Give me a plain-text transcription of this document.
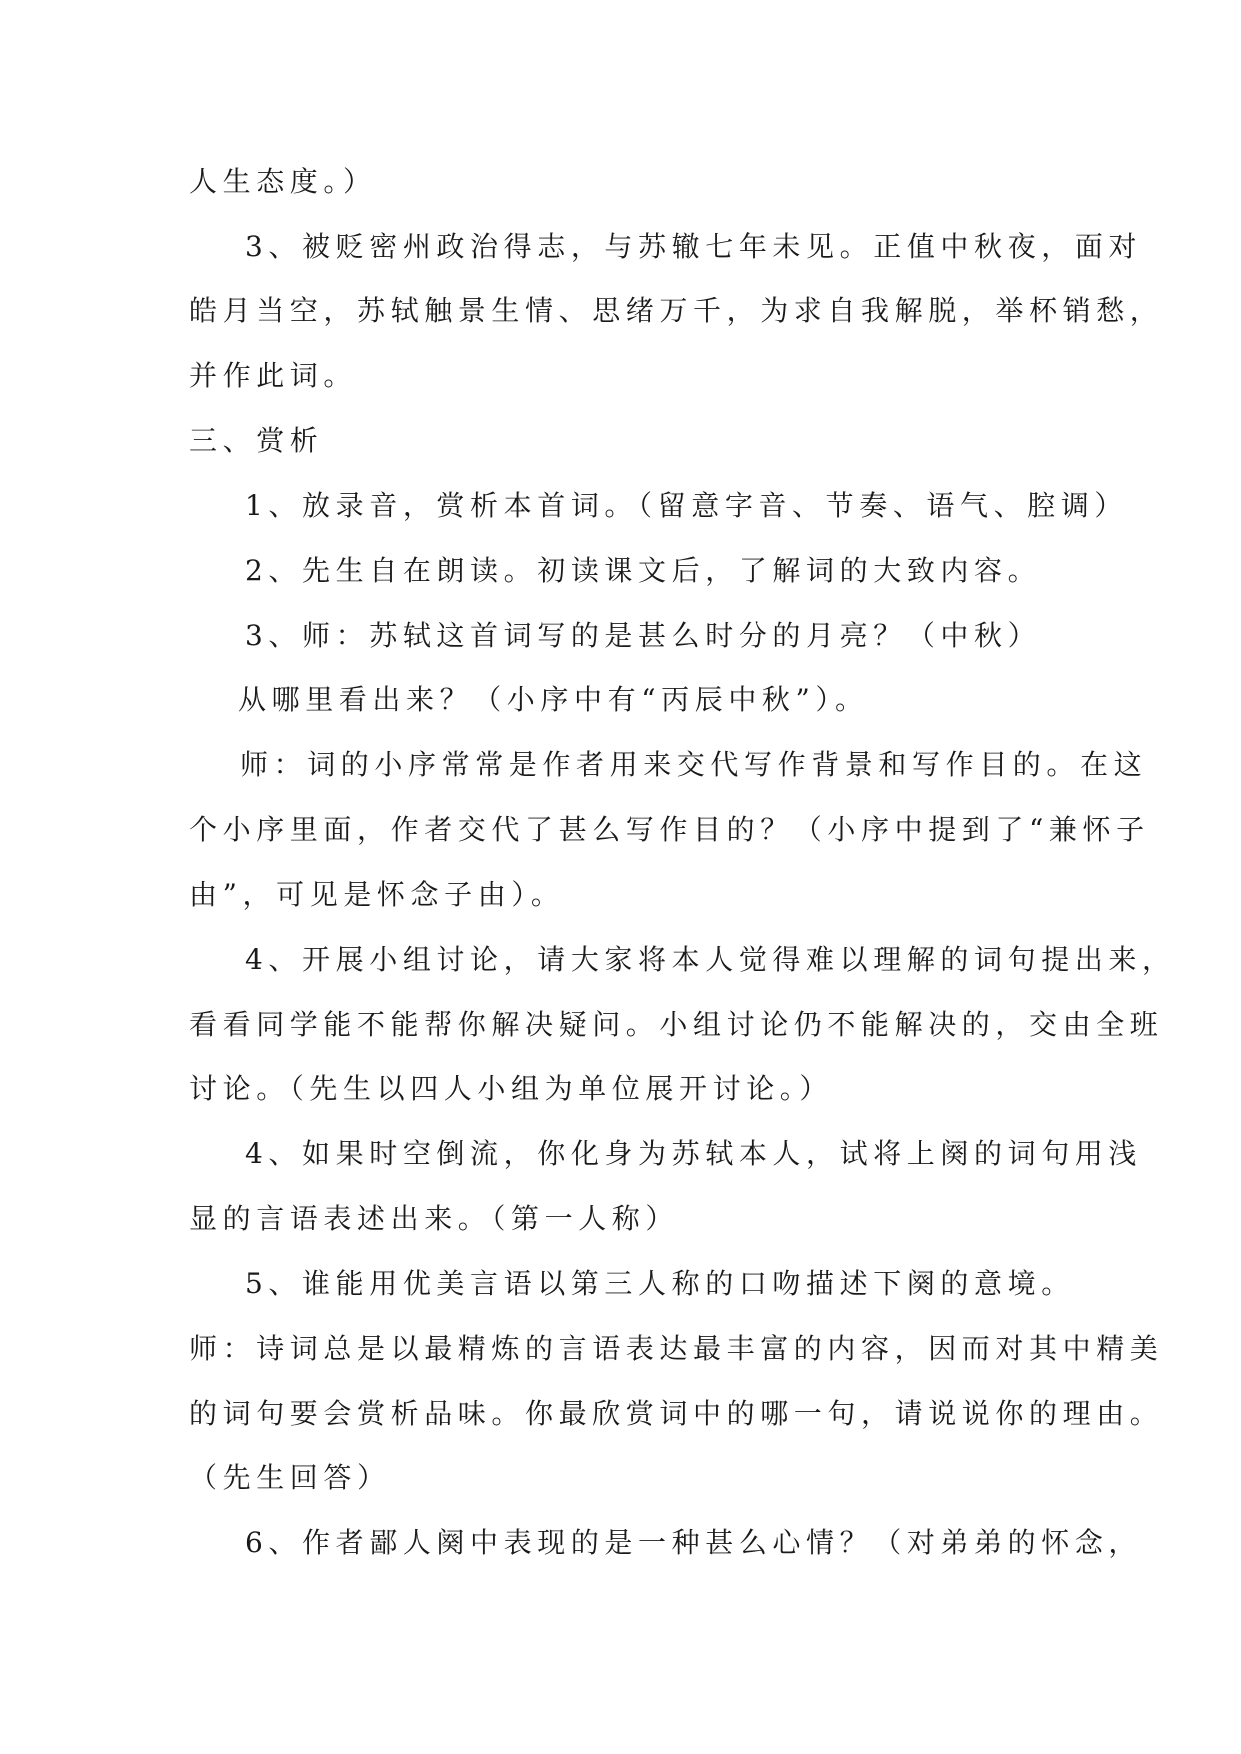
人生态度。）
3、被贬密州政治得志，与苏辙七年未见。正值中秋夜，面对
皓月当空，苏轼触景生情、思绪万千，为求自我解脱，举杯销愁，
并作此词。
三、赏析
1、放录音，赏析本首词。（留意字音、节奏、语气、腔调）
2、先生自在朗读。初读课文后，了解词的大致内容。
3、师：苏轼这首词写的是甚么时分的月亮？（中秋）
从哪里看出来？（小序中有“丙辰中秋”）。
师：词的小序常常是作者用来交代写作背景和写作目的。在这
个小序里面，作者交代了甚么写作目的？（小序中提到了“兼怀子
由”，可见是怀念子由）。
4、开展小组讨论，请大家将本人觉得难以理解的词句提出来，
看看同学能不能帮你解决疑问。小组讨论仍不能解决的，交由全班
讨论。（先生以四人小组为单位展开讨论。）
4、如果时空倒流，你化身为苏轼本人，试将上阕的词句用浅
显的言语表述出来。（第一人称）
5、谁能用优美言语以第三人称的口吻描述下阕的意境。
师：诗词总是以最精炼的言语表达最丰富的内容，因而对其中精美
的词句要会赏析品味。你最欣赏词中的哪一句，请说说你的理由。
（先生回答）
6、作者鄙人阕中表现的是一种甚么心情？（对弟弟的怀念，
